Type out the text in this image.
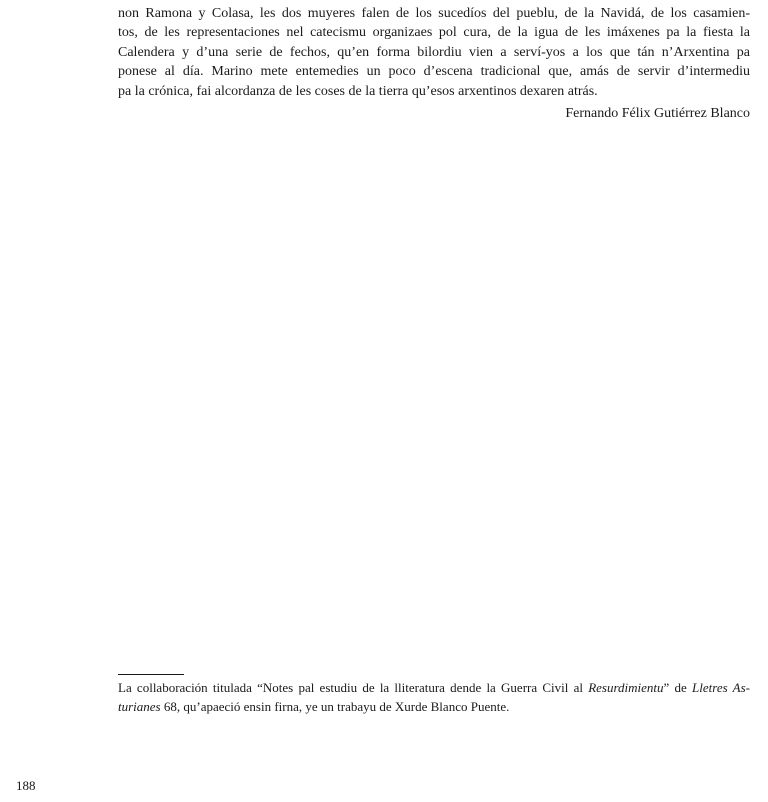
non Ramona y Colasa, les dos muyeres falen de los sucedíos del pueblu, de la Navidá, de los casamien-
tos, de les representaciones nel catecismu organizaes pol cura, de la igua de les imáxenes pa la fiesta la
Calendera y d’una serie de fechos, qu’en forma bilordiu vien a serví-yos a los que tán n’Arxentina pa
ponese al día. Marino mete entemedies un poco d’escena tradicional que, amás de servir d’intermediu
pa la crónica, fai alcordanza de les coses de la tierra qu’esos arxentinos dexaren atrás.
Fernando Félix Gutiérrez Blanco
La collaboración titulada “Notes pal estudiu de la lliteratura dende la Guerra Civil al Resurdimientu” de Lletres As-
turianes 68, qu’apaeció ensin firna, ye un trabayu de Xurde Blanco Puente.
188
